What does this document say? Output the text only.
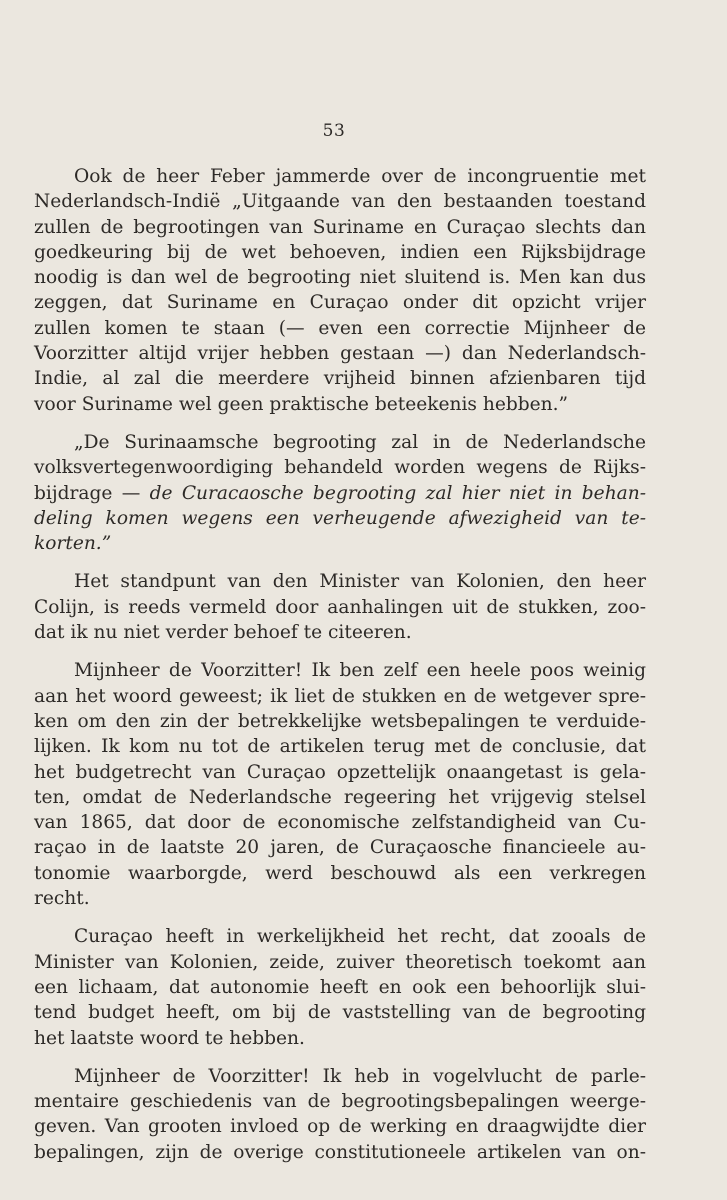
53

Ook de heer Feber jammerde over de incongruentie met
Nederlandsch-Indië „Uitgaande van den bestaanden toestand
zullen de begrootingen van Suriname en Curaçao slechts dan
goedkeuring bij de wet behoeven, indien een Rijksbijdrage
noodig is dan wel de begrooting niet sluitend is. Men kan dus
zeggen, dat Suriname en Curaçao onder dit opzicht vrijer
zullen komen te staan (— even een correctie Mijnheer de
Voorzitter altijd vrijer hebben gestaan —) dan Nederlandsch-
Indie, al zal die meerdere vrijheid binnen afzienbaren tijd
voor Suriname wel geen praktische beteekenis hebben.”

„De Surinaamsche begrooting zal in de Nederlandsche
volksvertegenwoordiging behandeld worden wegens de Rijks-
bijdrage — de Curacaosche begrooting zal hier niet in behan-
deling komen wegens een verheugende afwezigheid van te-
korten.”

Het standpunt van den Minister van Kolonien, den heer
Colijn, is reeds vermeld door aanhalingen uit de stukken, zoo-
dat ik nu niet verder behoef te citeeren.

Mijnheer de Voorzitter! Ik ben zelf een heele poos weinig
aan het woord geweest; ik liet de stukken en de wetgever spre-
ken om den zin der betrekkelijke wetsbepalingen te verduide-
lijken. Ik kom nu tot de artikelen terug met de conclusie, dat
het budgetrecht van Curaçao opzettelijk onaangetast is gela-
ten, omdat de Nederlandsche regeering het vrijgevig stelsel
van 1865, dat door de economische zelfstandigheid van Cu-
raçao in de laatste 20 jaren, de Curaçaosche financieele au-
tonomie waarborgde, werd beschouwd als een verkregen
recht.

Curaçao heeft in werkelijkheid het recht, dat zooals de
Minister van Kolonien, zeide, zuiver theoretisch toekomt aan
een lichaam, dat autonomie heeft en ook een behoorlijk slui-
tend budget heeft, om bij de vaststelling van de begrooting
het laatste woord te hebben.

Mijnheer de Voorzitter! Ik heb in vogelvlucht de parle-
mentaire geschiedenis van de begrootingsbepalingen weerge-
geven. Van grooten invloed op de werking en draagwijdte dier
bepalingen, zijn de overige constitutioneele artikelen van on-
